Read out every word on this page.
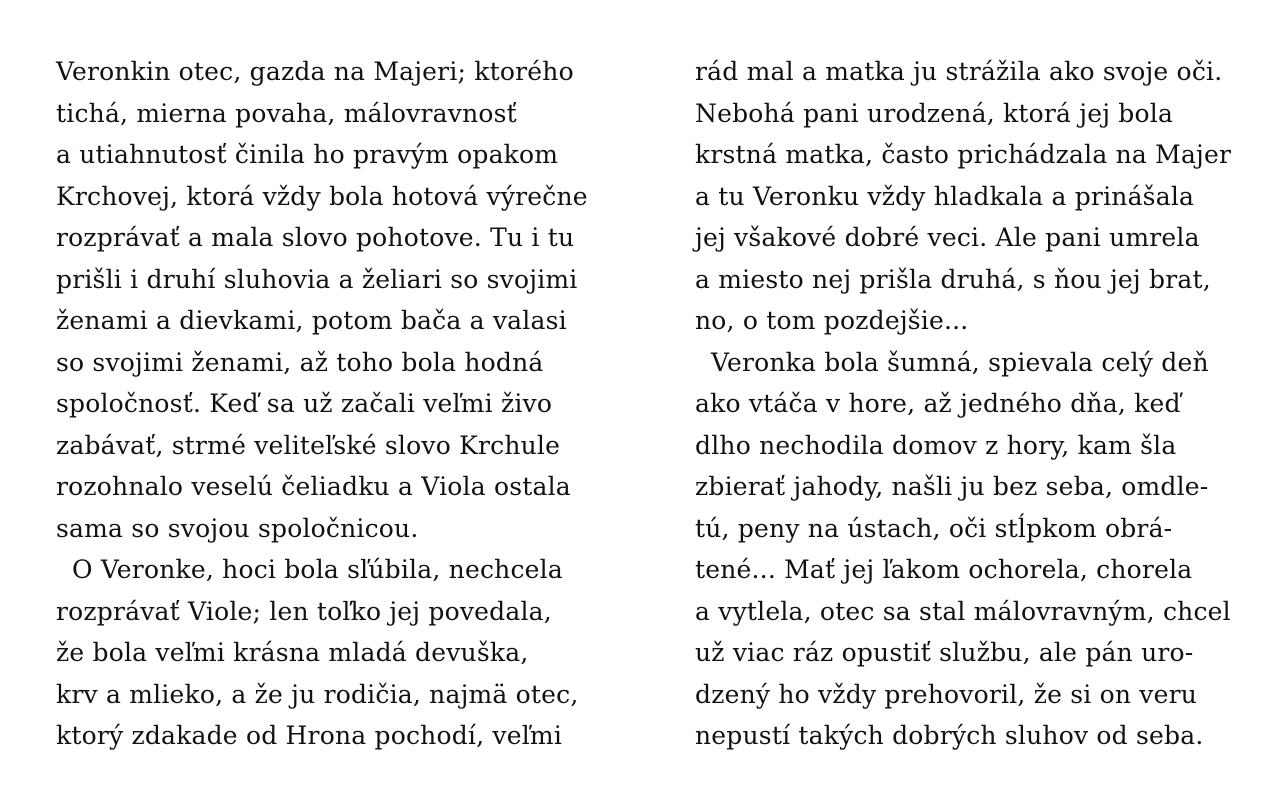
Veronkin otec, gazda na Majeri; ktorého
tichá, mierna povaha, málovravnosť
a utiahnutosť činila ho pravým opakom
Krchovej, ktorá vždy bola hotová výrečne
rozprávať a mala slovo pohotove. Tu i tu
prišli i druhí sluhovia a želiari so svojimi
ženami a dievkami, potom bača a valasi
so svojimi ženami, až toho bola hodná
spoločnosť. Keď sa už začali veľmi živo
zabávať, strmé veliteľské slovo Krchule
rozohnalo veselú čeliadku a Viola ostala
sama so svojou spoločnicou.
O Veronke, hoci bola sľúbila, nechcela
rozprávať Viole; len toľko jej povedala,
že bola veľmi krásna mladá devuška,
krv a mlieko, a že ju rodičia, najmä otec,
ktorý zdakade od Hrona pochodí, veľmi
rád mal a matka ju strážila ako svoje oči.
Nebohá pani urodzená, ktorá jej bola
krstná matka, často prichádzala na Majer
a tu Veronku vždy hladkala a prinášala
jej všakové dobré veci. Ale pani umrela
a miesto nej prišla druhá, s ňou jej brat,
no, o tom pozdejšie...
Veronka bola šumná, spievala celý deň
ako vtáča v hore, až jedného dňa, keď
dlho nechodila domov z hory, kam šla
zbierať jahody, našli ju bez seba, omdle-
tú, peny na ústach, oči stĺpkom obrá-
tené... Mať jej ľakom ochorela, chorela
a vytlela, otec sa stal málovravným, chcel
už viac ráz opustiť službu, ale pán uro-
dzený ho vždy prehovoril, že si on veru
nepustí takých dobrých sluhov od seba.
